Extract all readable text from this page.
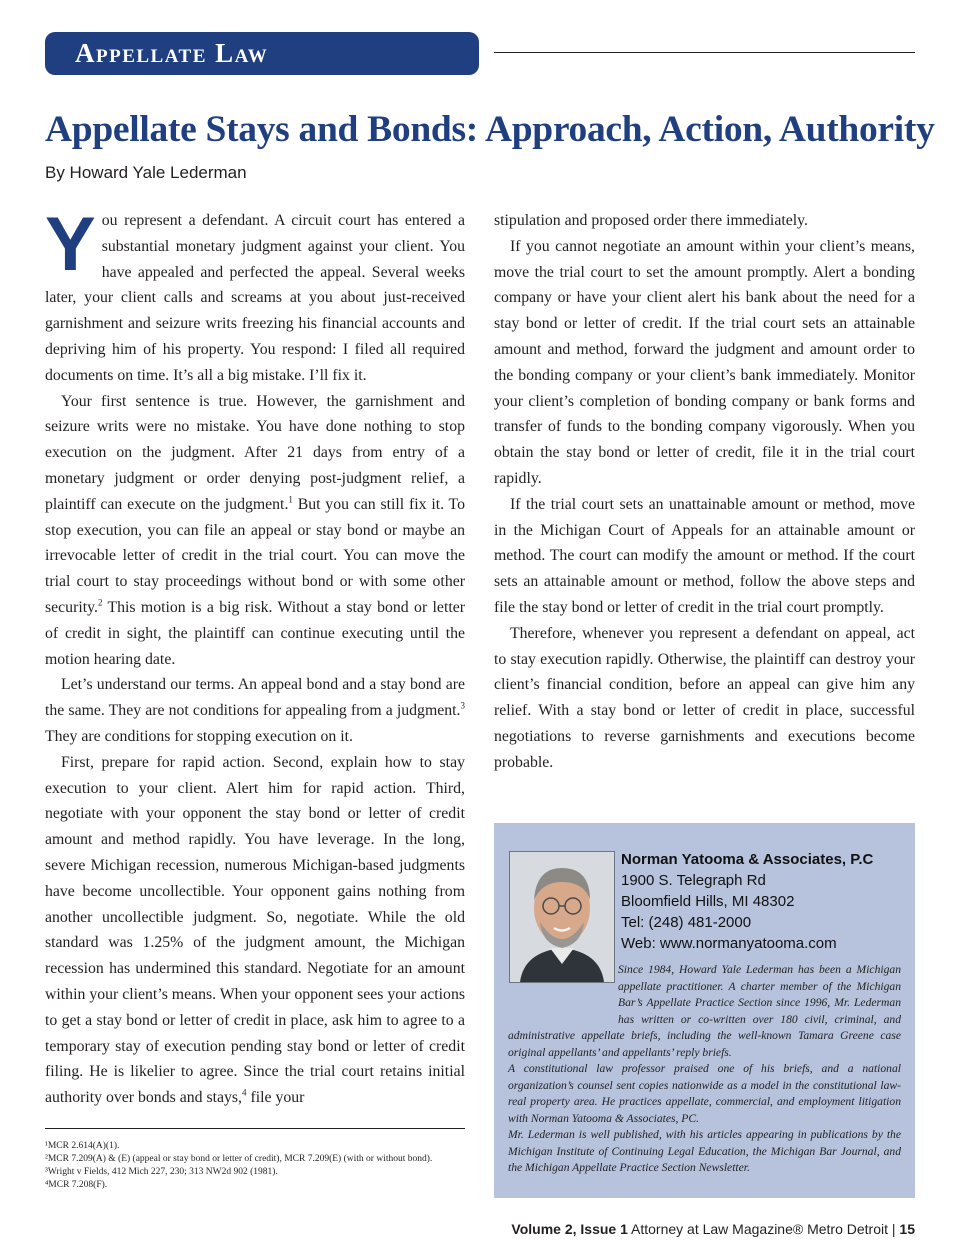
Appellate Law
Appellate Stays and Bonds: Approach, Action, Authority
By Howard Yale Lederman

You represent a defendant. A circuit court has entered a substantial monetary judgment against your client. You have appealed and perfected the appeal. Several weeks later, your client calls and screams at you about just-received garnishment and seizure writs freezing his financial accounts and depriving him of his property. You respond: I filed all required documents on time. It’s all a big mistake. I’ll fix it.

Your first sentence is true. However, the garnishment and seizure writs were no mistake. You have done nothing to stop execution on the judgment. After 21 days from entry of a monetary judgment or order denying post-judgment relief, a plaintiff can execute on the judgment.$^1$ But you can still fix it. To stop execution, you can file an appeal or stay bond or maybe an irrevocable letter of credit in the trial court. You can move the trial court to stay proceedings without bond or with some other security.$^2$ This motion is a big risk. Without a stay bond or letter of credit in sight, the plaintiff can continue executing until the motion hearing date.

Let’s understand our terms. An appeal bond and a stay bond are the same. They are not conditions for appealing from a judgment.$^3$ They are conditions for stopping execution on it.

First, prepare for rapid action. Second, explain how to stay execution to your client. Alert him for rapid action. Third, negotiate with your opponent the stay bond or letter of credit amount and method rapidly. You have leverage. In the long, severe Michigan recession, numerous Michigan-based judgments have become uncollectible. Your opponent gains nothing from another uncollectible judgment. So, negotiate. While the old standard was 1.25% of the judgment amount, the Michigan recession has undermined this standard. Negotiate for an amount within your client’s means. When your opponent sees your actions to get a stay bond or letter of credit in place, ask him to agree to a temporary stay of execution pending stay bond or letter of credit filing. He is likelier to agree. Since the trial court retains initial authority over bonds and stays,$^4$ file your

¹MCR 2.614(A)(1).
²MCR 7.209(A) & (E) (appeal or stay bond or letter of credit), MCR 7.209(E) (with or without bond).
³Wright v Fields, 412 Mich 227, 230; 313 NW2d 902 (1981).
⁴MCR 7.208(F).

stipulation and proposed order there immediately.

If you cannot negotiate an amount within your client’s means, move the trial court to set the amount promptly. Alert a bonding company or have your client alert his bank about the need for a stay bond or letter of credit. If the trial court sets an attainable amount and method, forward the judgment and amount order to the bonding company or your client’s bank immediately. Monitor your client’s completion of bonding company or bank forms and transfer of funds to the bonding company vigorously. When you obtain the stay bond or letter of credit, file it in the trial court rapidly.

If the trial court sets an unattainable amount or method, move in the Michigan Court of Appeals for an attainable amount or method. The court can modify the amount or method. If the court sets an attainable amount or method, follow the above steps and file the stay bond or letter of credit in the trial court promptly.

Therefore, whenever you represent a defendant on appeal, act to stay execution rapidly. Otherwise, the plaintiff can destroy your client’s financial condition, before an appeal can give him any relief. With a stay bond or letter of credit in place, successful negotiations to reverse garnishments and executions become probable.

Norman Yatooma & Associates, P.C
1900 S. Telegraph Rd
Bloomfield Hills, MI 48302
Tel: (248) 481-2000
Web: www.normanyatooma.com

Since 1984, Howard Yale Lederman has been a Michigan appellate practitioner. A charter member of the Michigan Bar’s Appellate Practice Section since 1996, Mr. Lederman has written or co-written over 180 civil, criminal, and administrative appellate briefs, including the well-known Tamara Greene case original appellants’ and appellants’ reply briefs.

A constitutional law professor praised one of his briefs, and a national organization’s counsel sent copies nationwide as a model in the constitutional law-real property area. He practices appellate, commercial, and employment litigation with Norman Yatooma & Associates, PC.

Mr. Lederman is well published, with his articles appearing in publications by the Michigan Institute of Continuing Legal Education, the Michigan Bar Journal, and the Michigan Appellate Practice Section Newsletter.

Volume 2, Issue 1 Attorney at Law Magazine® Metro Detroit | 15
